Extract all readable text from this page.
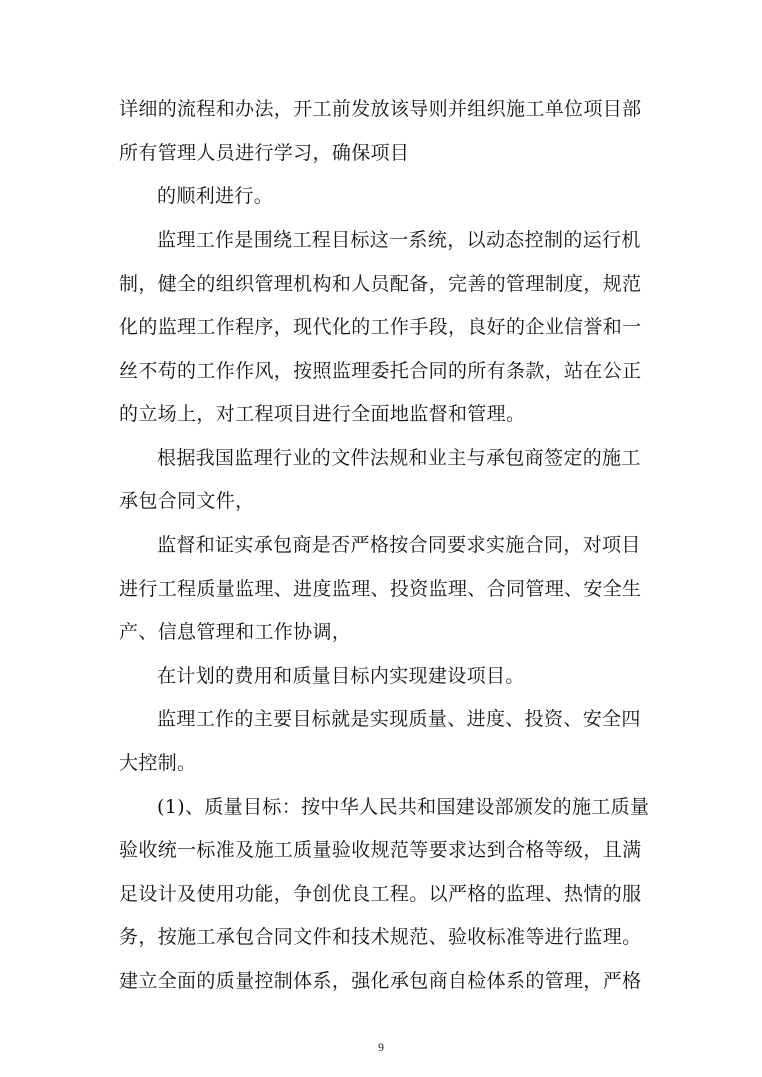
详细的流程和办法，开工前发放该导则并组织施工单位项目部
所有管理人员进行学习，确保项目
的顺利进行。
监理工作是围绕工程目标这一系统，以动态控制的运行机
制，健全的组织管理机构和人员配备，完善的管理制度，规范
化的监理工作程序，现代化的工作手段，良好的企业信誉和一
丝不苟的工作作风，按照监理委托合同的所有条款，站在公正
的立场上，对工程项目进行全面地监督和管理。
根据我国监理行业的文件法规和业主与承包商签定的施工
承包合同文件，
监督和证实承包商是否严格按合同要求实施合同，对项目
进行工程质量监理、进度监理、投资监理、合同管理、安全生
产、信息管理和工作协调，
在计划的费用和质量目标内实现建设项目。
监理工作的主要目标就是实现质量、进度、投资、安全四
大控制。
(1)、质量目标：按中华人民共和国建设部颁发的施工质量
验收统一标准及施工质量验收规范等要求达到合格等级，且满
足设计及使用功能，争创优良工程。以严格的监理、热情的服
务，按施工承包合同文件和技术规范、验收标准等进行监理。
建立全面的质量控制体系，强化承包商自检体系的管理，严格
9
